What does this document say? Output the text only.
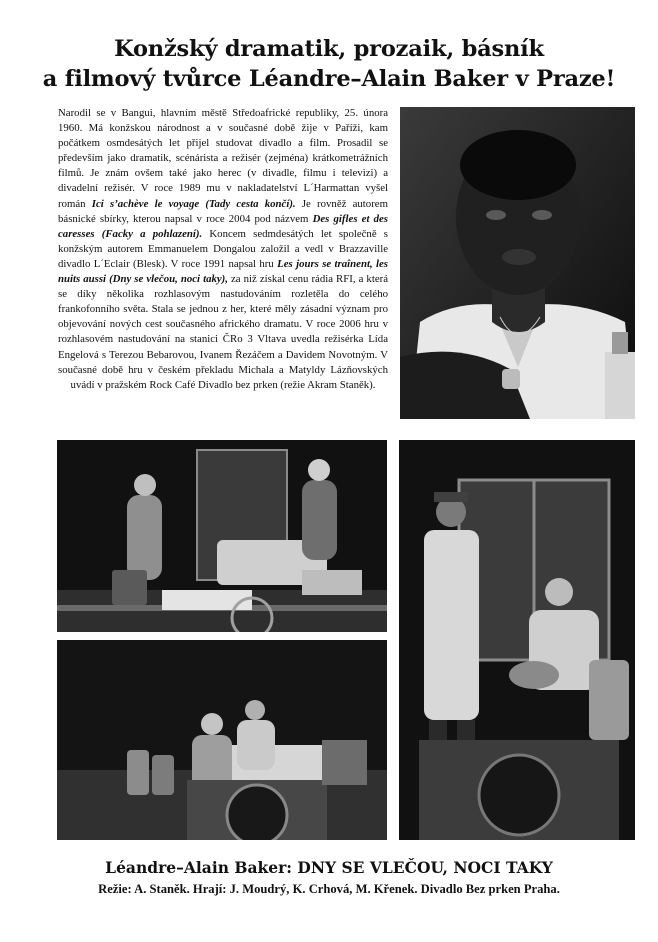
Konžský dramatik, prozaik, básník
a filmový tvůrce Léandre–Alain Baker v Praze!
Narodil se v Bangui, hlavním městě Středoafrické republiky, 25. února 1960. Má konžskou národnost a v současné době žije v Paříži, kam počátkem osmdesátých let přijel studovat divadlo a film. Prosadil se především jako dramatik, scénárista a režisér (zejména) krátkometrážních filmů. Je znám ovšem také jako herec (v divadle, filmu i televizi) a divadelní režisér. V roce 1989 mu v nakladatelství L´Harmattan vyšel román Ici s’achève le voyage (Tady cesta končí). Je rovněž autorem básnické sbírky, kterou napsal v roce 2004 pod názvem Des gifles et des caresses (Facky a pohlazení). Koncem sedmdesátých let společně s konžským autorem Emmanuelem Dongalou založil a vedl v Brazzaville divadlo L´Eclair (Blesk). V roce 1991 napsal hru Les jours se traînent, les nuits aussi (Dny se vlečou, noci taky), za niž získal cenu rádia RFI, a která se díky několika rozhlasovým nastudováním rozletěla do celého frankofonního světa. Stala se jednou z her, které měly zásadní význam pro objevování nových cest současného afrického dramatu. V roce 2006 hru v rozhlasovém nastudování na stanici ČRo 3 Vltava uvedla režisérka Lída Engelová s Terezou Bebarovou, Ivanem Řezáčem a Davidem Novotným. V současné době hru v českém překladu Michala a Matyldy Lázňovských uvádí v pražském Rock Café Divadlo bez prken (režie Akram Staněk).
Léandre–Alain Baker: DNY SE VLEČOU, NOCI TAKY
Režie: A. Staněk. Hrají: J. Moudrý, K. Crhová, M. Křenek. Divadlo Bez prken Praha.
